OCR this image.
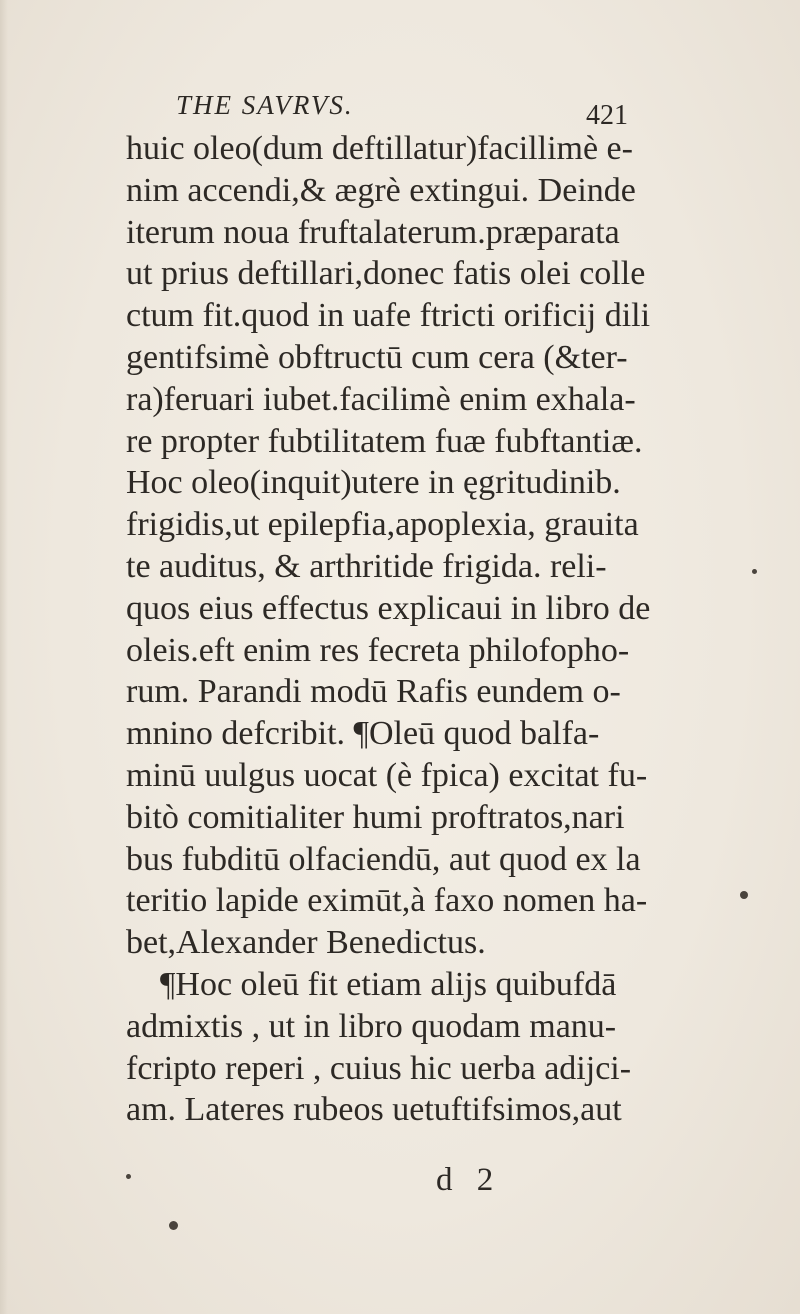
THE SAVRVS.	421
huic oleo(dum deftillatur)facillimè e-
nim accendi,& ægrè extingui. Deinde
iterum noua fruftalaterum.præparata
ut prius deftillari,donec fatis olei colle
ctum fit.quod in uafe ftricti orificij dili
gentifsimè obftructū cum cera (&ter-
ra)feruari iubet.facilimè enim exhala-
re propter fubtilitatem fuæ fubftantiæ.
Hoc oleo(inquit)utere in ęgritudinib.
frigidis,ut epilepfia,apoplexia, grauita
te auditus, & arthritide frigida. reli-
quos eius effectus explicaui in libro de
oleis.eft enim res fecreta philofopho-
rum. Parandi modū Rafis eundem o-
mnino defcribit. ¶Oleū quod balfa-
minū uulgus uocat (è fpica) excitat fu-
bitò comitialiter humi proftratos,nari
bus fubditū olfaciendū, aut quod ex la
teritio lapide eximūt,à faxo nomen ha-
bet,Alexander Benedictus.
¶Hoc oleū fit etiam alijs quibufdā
admixtis , ut in libro quodam manu-
fcripto reperi , cuius hic uerba adijci-
am. Lateres rubeos uetuftifsimos,aut
d 2
